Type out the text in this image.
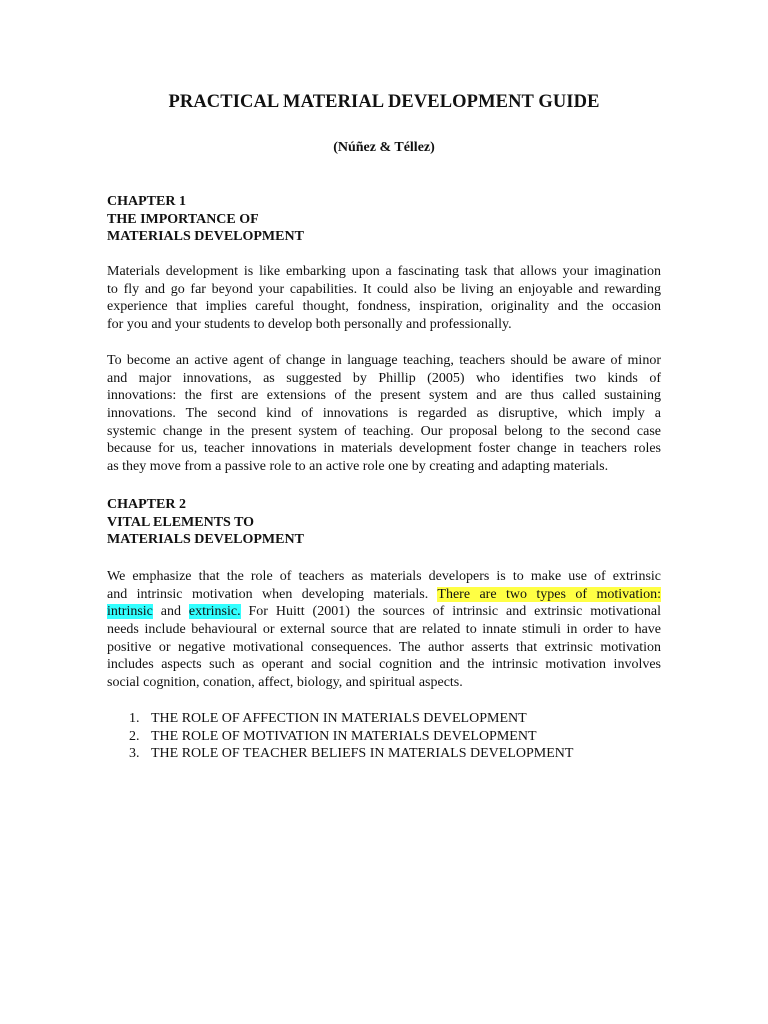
PRACTICAL MATERIAL DEVELOPMENT GUIDE
(Núñez & Téllez)
CHAPTER 1
THE IMPORTANCE OF
MATERIALS DEVELOPMENT
Materials development is like embarking upon a fascinating task that allows your imagination
to fly and go far beyond your capabilities. It could also be living an enjoyable and rewarding
experience that implies careful thought, fondness, inspiration, originality and the occasion
for you and your students to develop both personally and professionally.
To become an active agent of change in language teaching, teachers should be aware of minor
and major innovations, as suggested by Phillip (2005) who identifies two kinds of
innovations: the first are extensions of the present system and are thus called sustaining
innovations. The second kind of innovations is regarded as disruptive, which imply a
systemic change in the present system of teaching. Our proposal belong to the second case
because for us, teacher innovations in materials development foster change in teachers roles
as they move from a passive role to an active role one by creating and adapting materials.
CHAPTER 2
VITAL ELEMENTS TO
MATERIALS DEVELOPMENT
We emphasize that the role of teachers as materials developers is to make use of extrinsic
and intrinsic motivation when developing materials. There are two types of motivation:
intrinsic and extrinsic. For Huitt (2001) the sources of intrinsic and extrinsic motivational
needs include behavioural or external source that are related to innate stimuli in order to have
positive or negative motivational consequences. The author asserts that extrinsic motivation
includes aspects such as operant and social cognition and the intrinsic motivation involves
social cognition, conation, affect, biology, and spiritual aspects.
1. THE ROLE OF AFFECTION IN MATERIALS DEVELOPMENT
2. THE ROLE OF MOTIVATION IN MATERIALS DEVELOPMENT
3. THE ROLE OF TEACHER BELIEFS IN MATERIALS DEVELOPMENT
